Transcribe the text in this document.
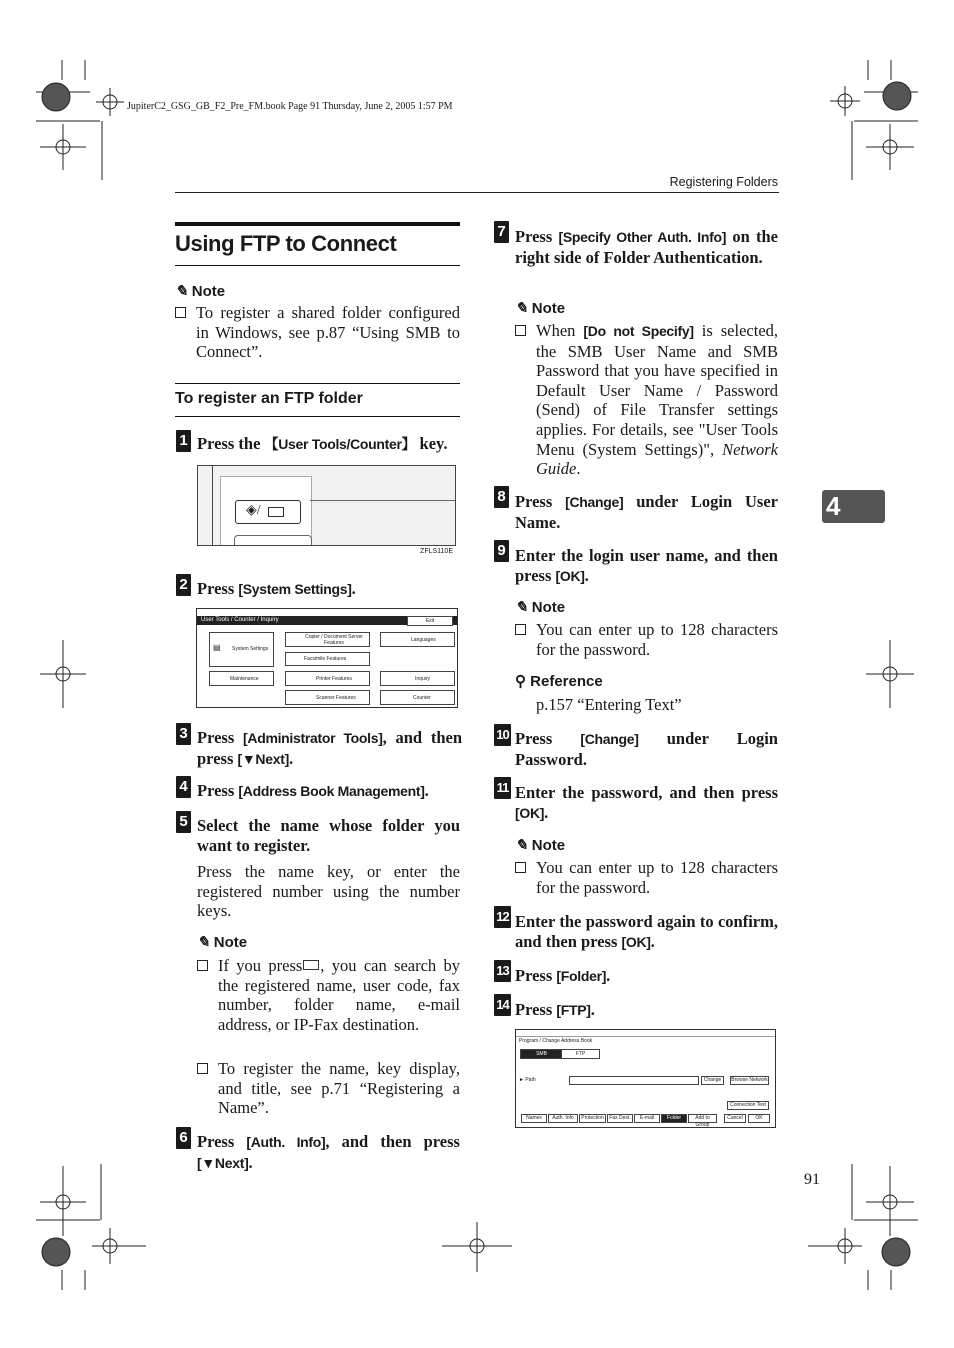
JupiterC2_GSG_GB_F2_Pre_FM.book Page 91 Thursday, June 2, 2005 1:57 PM
Registering Folders
4
91
Using FTP to Connect
✎ Note
To register a shared folder configured in Windows, see p.87 “Using SMB to Connect”.
To register an FTP folder
1 Press the 【User Tools/Counter】 key.
◈/
ZFLS110E
2 Press [System Settings].
User Tools / Counter / Inquiry	Exit
▤ System Settings
Copier / Document Server Features
Facsimile Features
Maintenance	Printer Features
Scanner Features
Languages
Inquiry
Counter
3 Press [Administrator Tools], and then press [▼Next].
4 Press [Address Book Management].
5 Select the name whose folder you want to register.
Press the name key, or enter the registered number using the number keys.
✎ Note
If you press , you can search by the registered name, user code, fax number, folder name, e-mail address, or IP-Fax destination.
To register the name, key display, and title, see p.71 “Registering a Name”.
6 Press [Auth. Info], and then press [▼Next].
7 Press [Specify Other Auth. Info] on the right side of Folder Authentication.
✎ Note
When [Do not Specify] is selected, the SMB User Name and SMB Password that you have specified in Default User Name / Password (Send) of File Transfer settings applies. For details, see "User Tools Menu (System Settings)", Network Guide.
8 Press [Change] under Login User Name.
9 Enter the login user name, and then press [OK].
✎ Note
You can enter up to 128 characters for the password.
⚲ Reference
p.157 “Entering Text”
10 Press [Change] under Login Password.
11 Enter the password, and then press [OK].
✎ Note
You can enter up to 128 characters for the password.
12 Enter the password again to confirm, and then press [OK].
13 Press [Folder].
14 Press [FTP].
Program / Change Address Book
SMB	FTP
► Path	Change	Browse Network
Connection Test
Names	Auth. Info	Protection	Fax Dest.	E-mail	Folder	Add to Group
Cancel	OK
